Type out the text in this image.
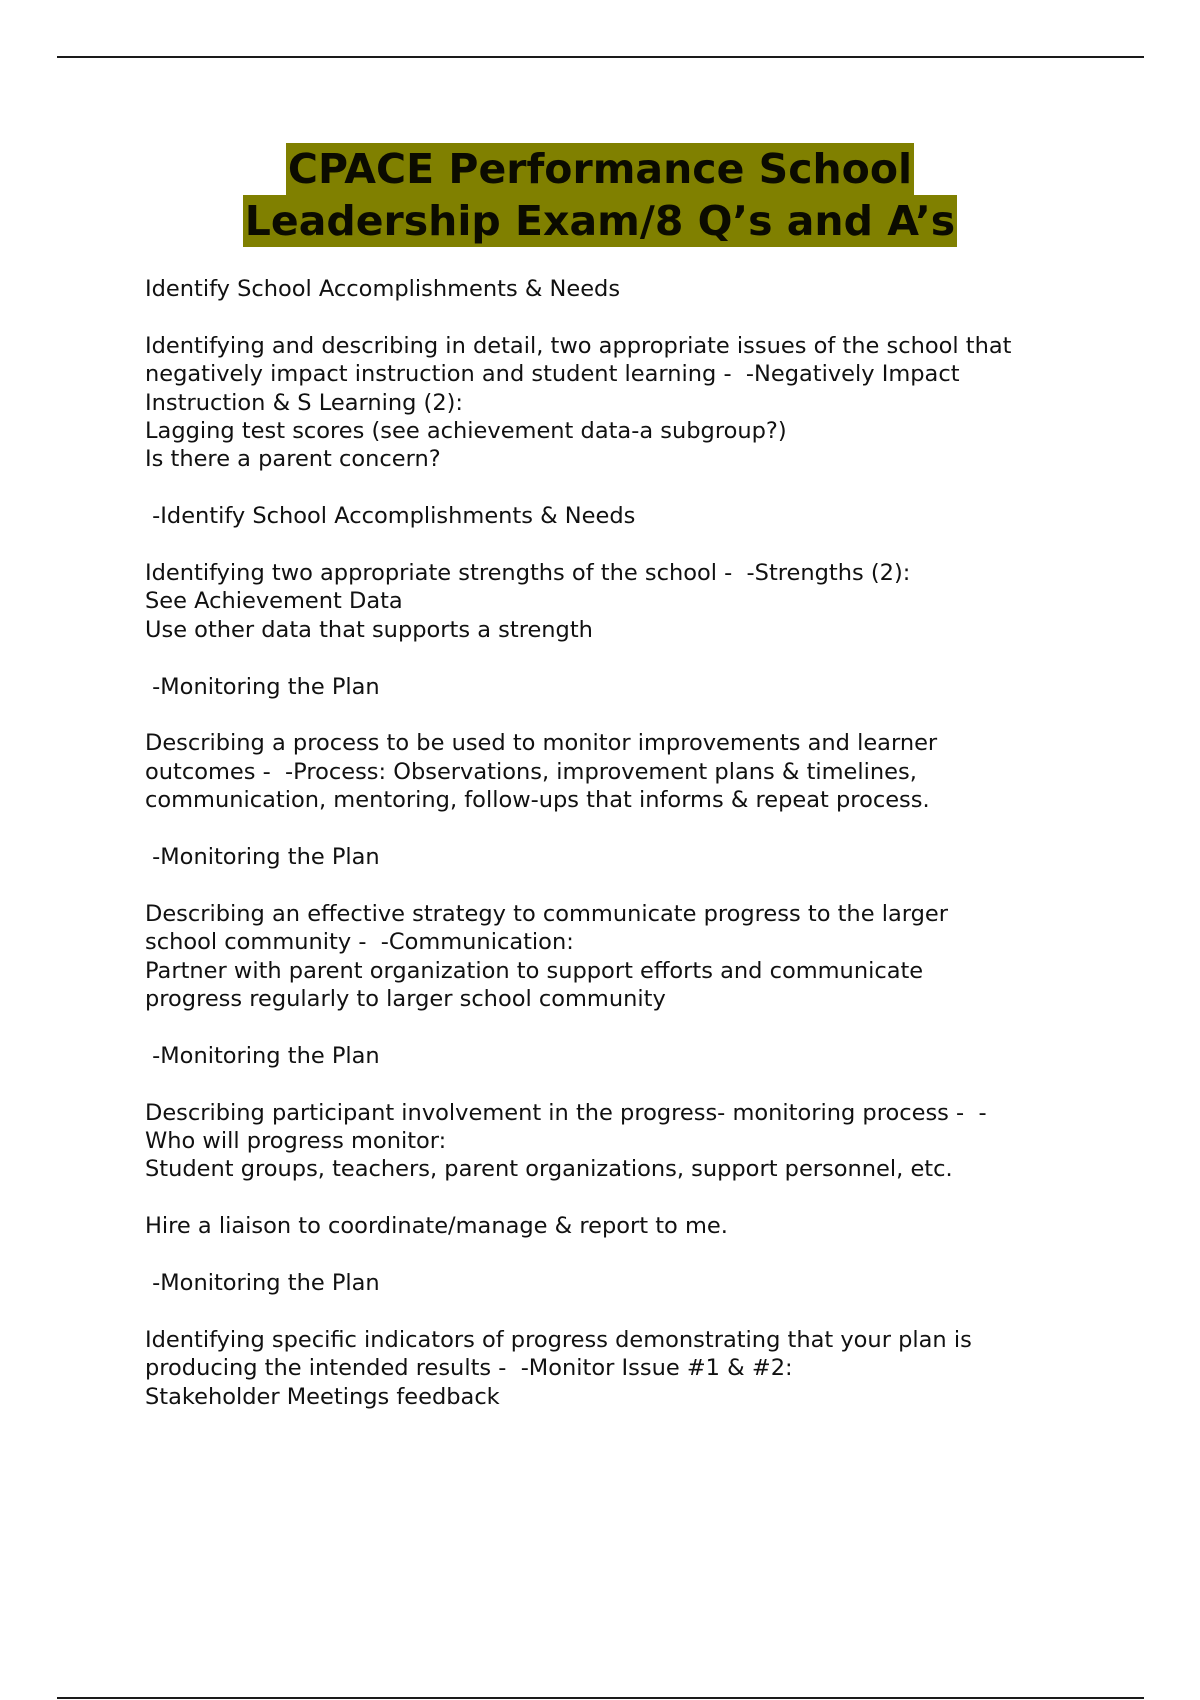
CPACE Performance School
Leadership Exam/8 Q’s and A’s
Identify School Accomplishments & Needs
Identifying and describing in detail, two appropriate issues of the school that
negatively impact instruction and student learning -  -Negatively Impact
Instruction & S Learning (2):
Lagging test scores (see achievement data-a subgroup?)
Is there a parent concern?
-Identify School Accomplishments & Needs
Identifying two appropriate strengths of the school -  -Strengths (2):
See Achievement Data
Use other data that supports a strength
-Monitoring the Plan
Describing a process to be used to monitor improvements and learner
outcomes -  -Process: Observations, improvement plans & timelines,
communication, mentoring, follow-ups that informs & repeat process.
-Monitoring the Plan
Describing an effective strategy to communicate progress to the larger
school community -  -Communication:
Partner with parent organization to support efforts and communicate
progress regularly to larger school community
-Monitoring the Plan
Describing participant involvement in the progress- monitoring process -  -
Who will progress monitor:
Student groups, teachers, parent organizations, support personnel, etc.
Hire a liaison to coordinate/manage & report to me.
-Monitoring the Plan
Identifying specific indicators of progress demonstrating that your plan is
producing the intended results -  -Monitor Issue #1 & #2:
Stakeholder Meetings feedback
